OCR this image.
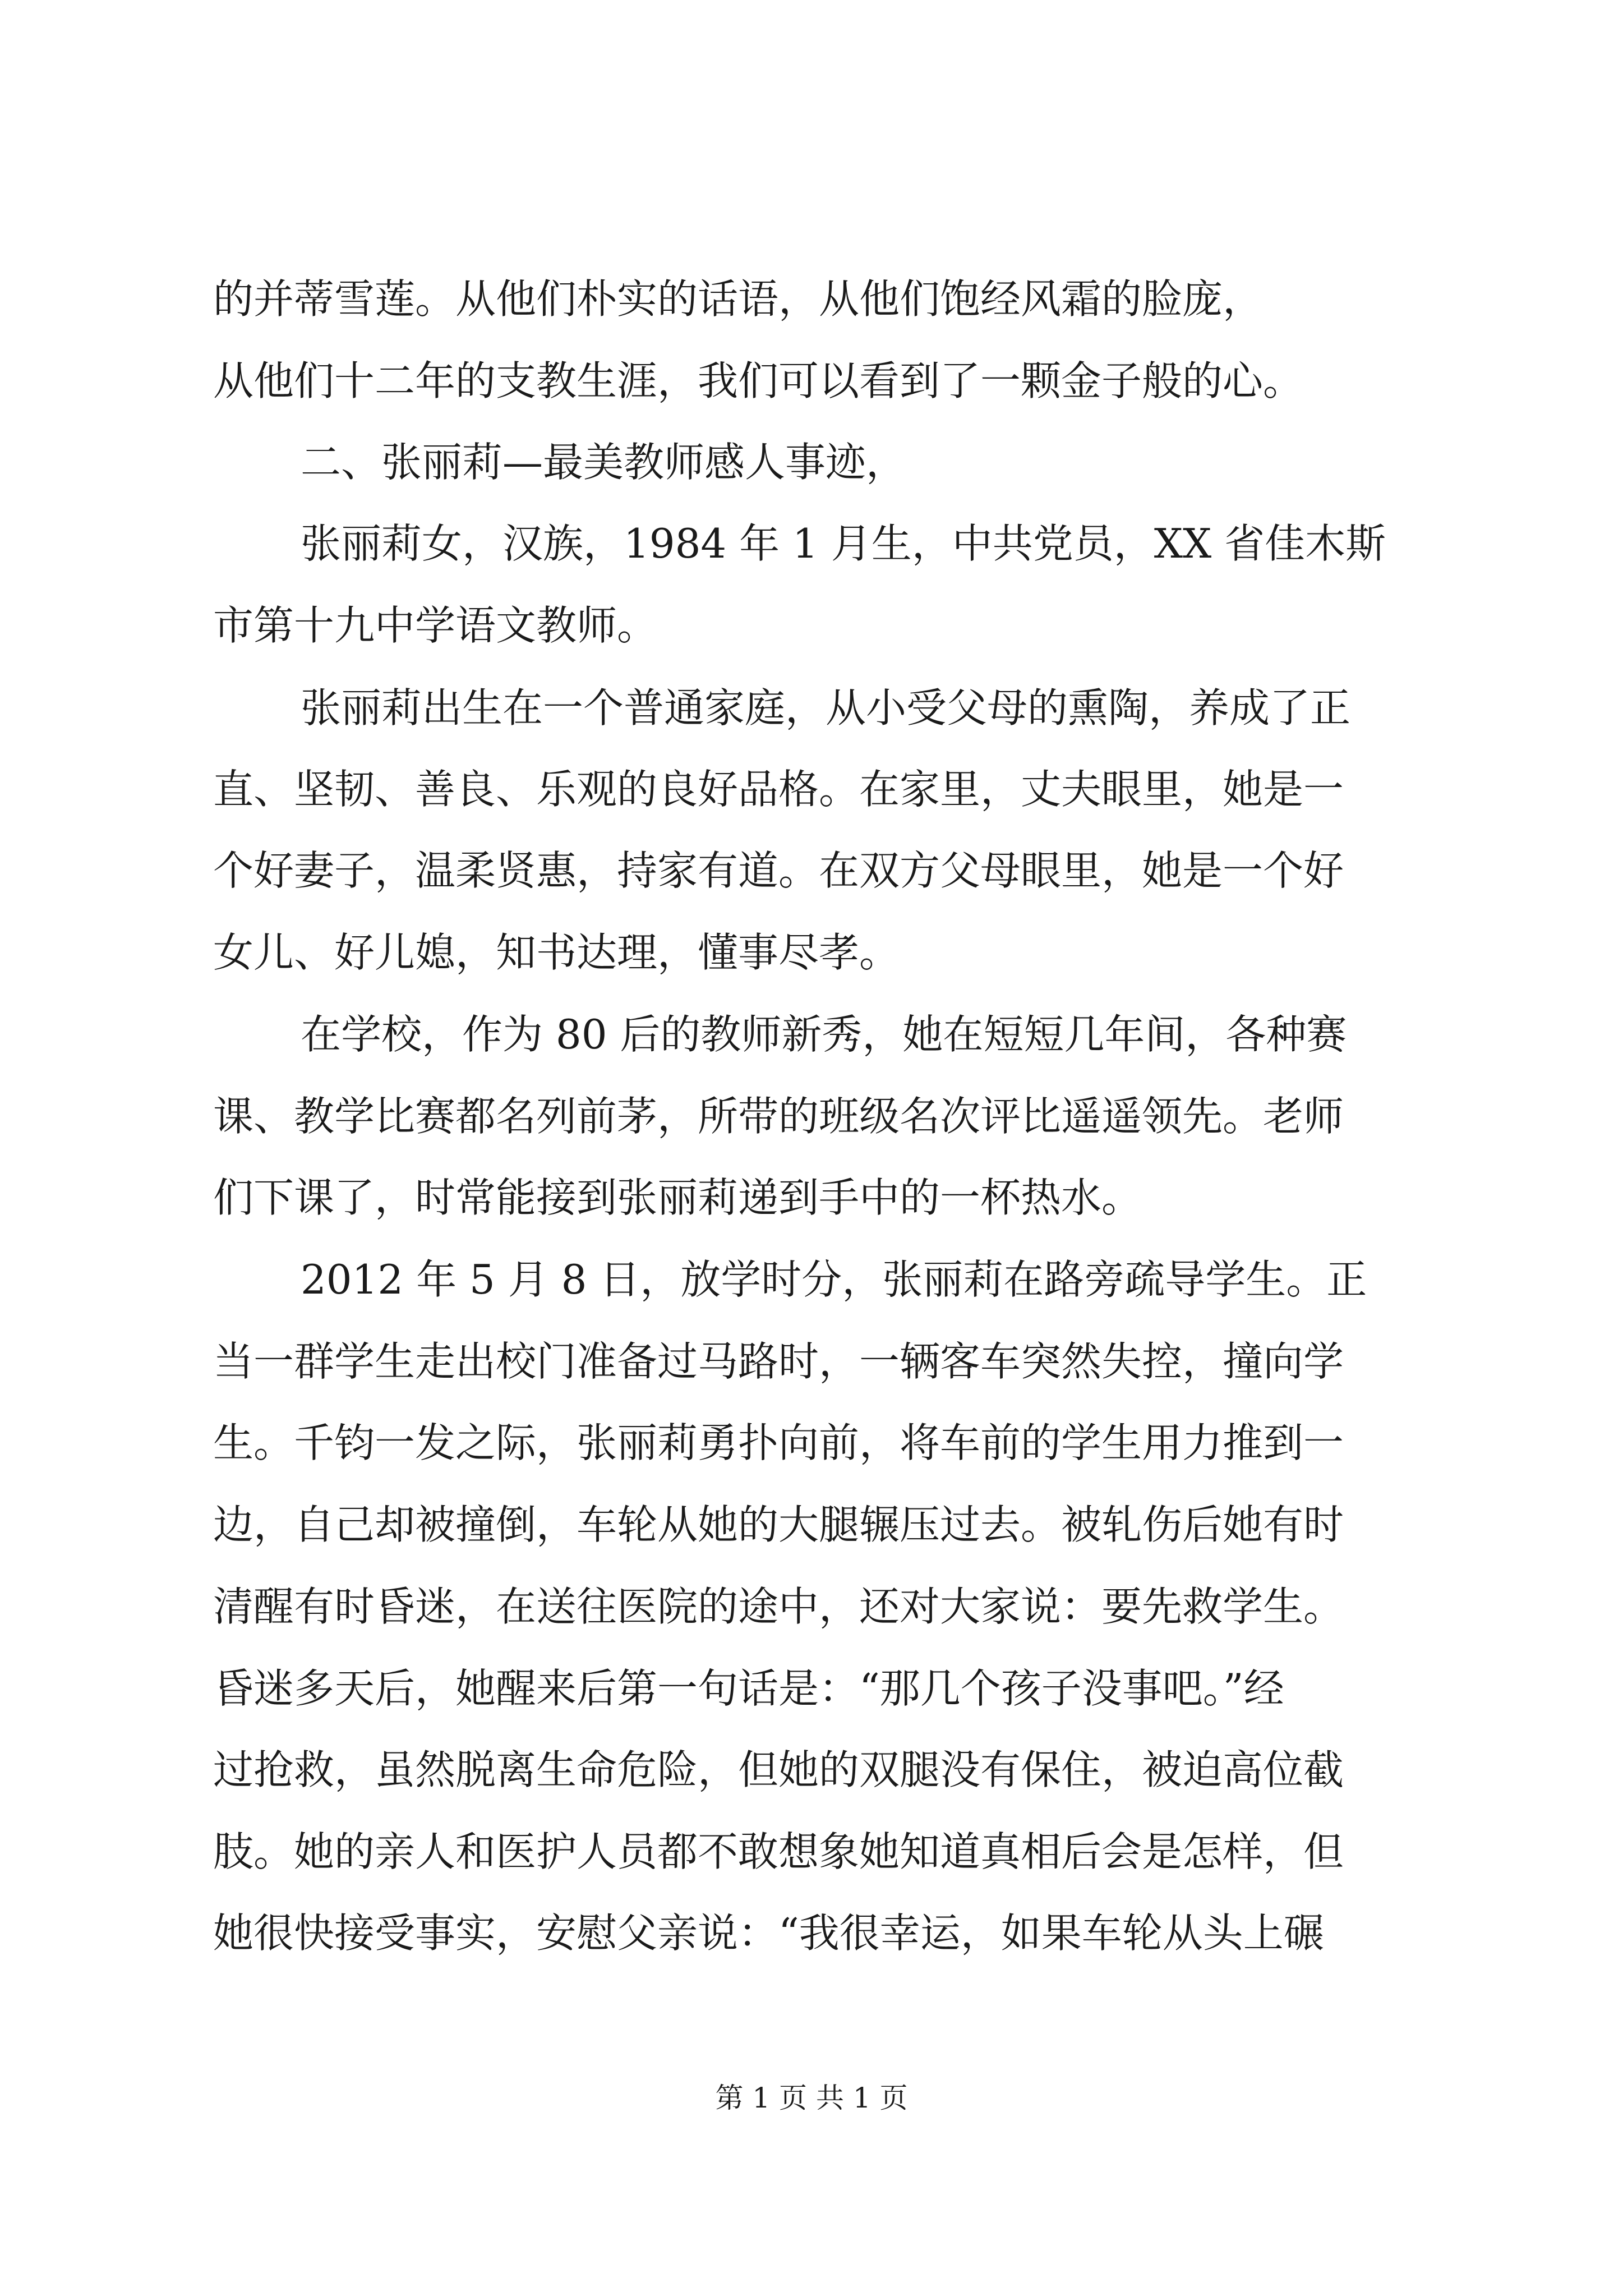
的并蒂雪莲。从他们朴实的话语，从他们饱经风霜的脸庞，
从他们十二年的支教生涯，我们可以看到了一颗金子般的心。
二、张丽莉—最美教师感人事迹，
张丽莉女，汉族，1984 年 1 月生，中共党员，XX 省佳木斯
市第十九中学语文教师。
张丽莉出生在一个普通家庭，从小受父母的熏陶，养成了正
直、坚韧、善良、乐观的良好品格。在家里，丈夫眼里，她是一
个好妻子，温柔贤惠，持家有道。在双方父母眼里，她是一个好
女儿、好儿媳，知书达理，懂事尽孝。
在学校，作为 80 后的教师新秀，她在短短几年间，各种赛
课、教学比赛都名列前茅，所带的班级名次评比遥遥领先。老师
们下课了，时常能接到张丽莉递到手中的一杯热水。
2012 年 5 月 8 日，放学时分，张丽莉在路旁疏导学生。正
当一群学生走出校门准备过马路时，一辆客车突然失控，撞向学
生。千钧一发之际，张丽莉勇扑向前，将车前的学生用力推到一
边，自己却被撞倒，车轮从她的大腿辗压过去。被轧伤后她有时
清醒有时昏迷，在送往医院的途中，还对大家说：要先救学生。
昏迷多天后，她醒来后第一句话是：“那几个孩子没事吧。”经
过抢救，虽然脱离生命危险，但她的双腿没有保住，被迫高位截
肢。她的亲人和医护人员都不敢想象她知道真相后会是怎样，但
她很快接受事实，安慰父亲说：“我很幸运，如果车轮从头上碾
第 1 页 共 1 页
